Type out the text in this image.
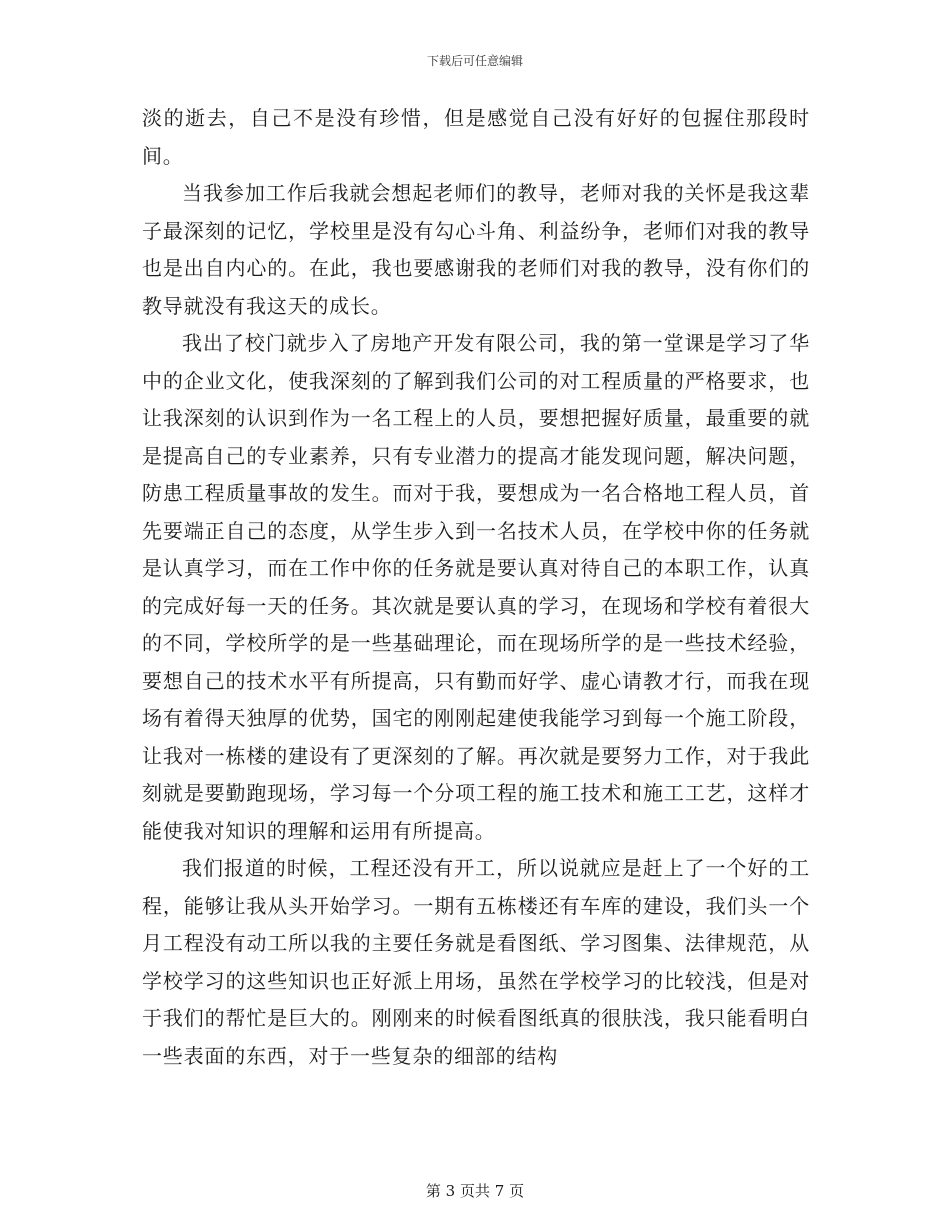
下载后可任意编辑

淡的逝去，自己不是没有珍惜，但是感觉自己没有好好的包握住那段时间。

当我参加工作后我就会想起老师们的教导，老师对我的关怀是我这辈子最深刻的记忆，学校里是没有勾心斗角、利益纷争，老师们对我的教导也是出自内心的。在此，我也要感谢我的老师们对我的教导，没有你们的教导就没有我这天的成长。

我出了校门就步入了房地产开发有限公司，我的第一堂课是学习了华中的企业文化，使我深刻的了解到我们公司的对工程质量的严格要求，也让我深刻的认识到作为一名工程上的人员，要想把握好质量，最重要的就是提高自己的专业素养，只有专业潜力的提高才能发现问题，解决问题，防患工程质量事故的发生。而对于我，要想成为一名合格地工程人员，首先要端正自己的态度，从学生步入到一名技术人员，在学校中你的任务就是认真学习，而在工作中你的任务就是要认真对待自己的本职工作，认真的完成好每一天的任务。其次就是要认真的学习，在现场和学校有着很大的不同，学校所学的是一些基础理论，而在现场所学的是一些技术经验，要想自己的技术水平有所提高，只有勤而好学、虚心请教才行，而我在现场有着得天独厚的优势，国宅的刚刚起建使我能学习到每一个施工阶段，让我对一栋楼的建设有了更深刻的了解。再次就是要努力工作，对于我此刻就是要勤跑现场，学习每一个分项工程的施工技术和施工工艺，这样才能使我对知识的理解和运用有所提高。

我们报道的时候，工程还没有开工，所以说就应是赶上了一个好的工程，能够让我从头开始学习。一期有五栋楼还有车库的建设，我们头一个月工程没有动工所以我的主要任务就是看图纸、学习图集、法律规范，从学校学习的这些知识也正好派上用场，虽然在学校学习的比较浅，但是对于我们的帮忙是巨大的。刚刚来的时候看图纸真的很肤浅，我只能看明白一些表面的东西，对于一些复杂的细部的结构

第 3 页共 7 页
